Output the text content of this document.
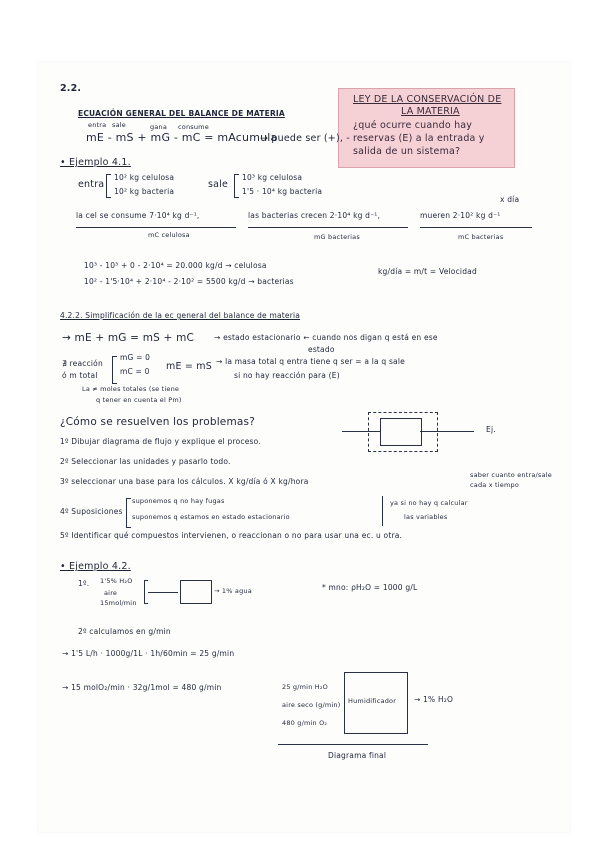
2.2.
LEY DE LA CONSERVACIÓN DE
LA MATERIA
¿qué ocurre cuando hay
reservas (E) a la entrada y
salida de un sistema?
ECUACIÓN GENERAL DEL BALANCE DE MATERIA
entra sale	gana consume
mE - mS + mG - mC = mAcumula
→ puede ser (+), -
• Ejemplo 4.1.
entra
10² kg celulosa
10² kg bacteria
sale
10³ kg celulosa
1'5 · 10⁴ kg bacteria
x día
la cel se consume 7·10⁴ kg d⁻¹,
mC celulosa
las bacterias crecen 2·10⁴ kg d⁻¹,
mG bacterias
mueren 2·10² kg d⁻¹
mC bacterias
10³ - 10³ + 0 - 2·10⁴ = 20.000 kg/d → celulosa
10² - 1'5·10⁴ + 2·10⁴ - 2·10² = 5500 kg/d → bacterias
kg/día = m/t = Velocidad
4.2.2. Simplificación de la ec general del balance de materia
→ mE + mG = mS + mC	→ estado estacionario ← cuando nos digan q está en ese
estado
∄ reacción
ó m total
mG = 0
mC = 0 mE = mS → la masa total q entra tiene q ser = a la q sale
si no hay reacción para (E)
La ≠ moles totales (se tiene
q tener en cuenta el Pm)
¿Cómo se resuelven los problemas?
1º Dibujar diagrama de flujo y explique el proceso.
Ej.
2º Seleccionar las unidades y pasarlo todo.
3º seleccionar una base para los cálculos. X kg/día ó X kg/hora
saber cuanto entra/sale
cada x tiempo
4º Suposiciones
suponemos q no hay fugas
suponemos q estamos en estado estacionario
ya si no hay q calcular
las variables
5º Identificar qué compuestos intervienen, o reaccionan o no para usar una ec. u otra.
• Ejemplo 4.2.
1º. 1'5% H₂O
aire
15mol/min
→ 1% agua	* mno: ρH₂O = 1000 g/L
2º calculamos en g/min
→ 1'5 L/h · 1000g/1L · 1h/60min = 25 g/min
→ 15 molO₂/min · 32g/1mol = 480 g/min	25 g/min H₂O
aire seco (g/min)
480 g/min O₂
Humidificador → 1% H₂O
Diagrama final
